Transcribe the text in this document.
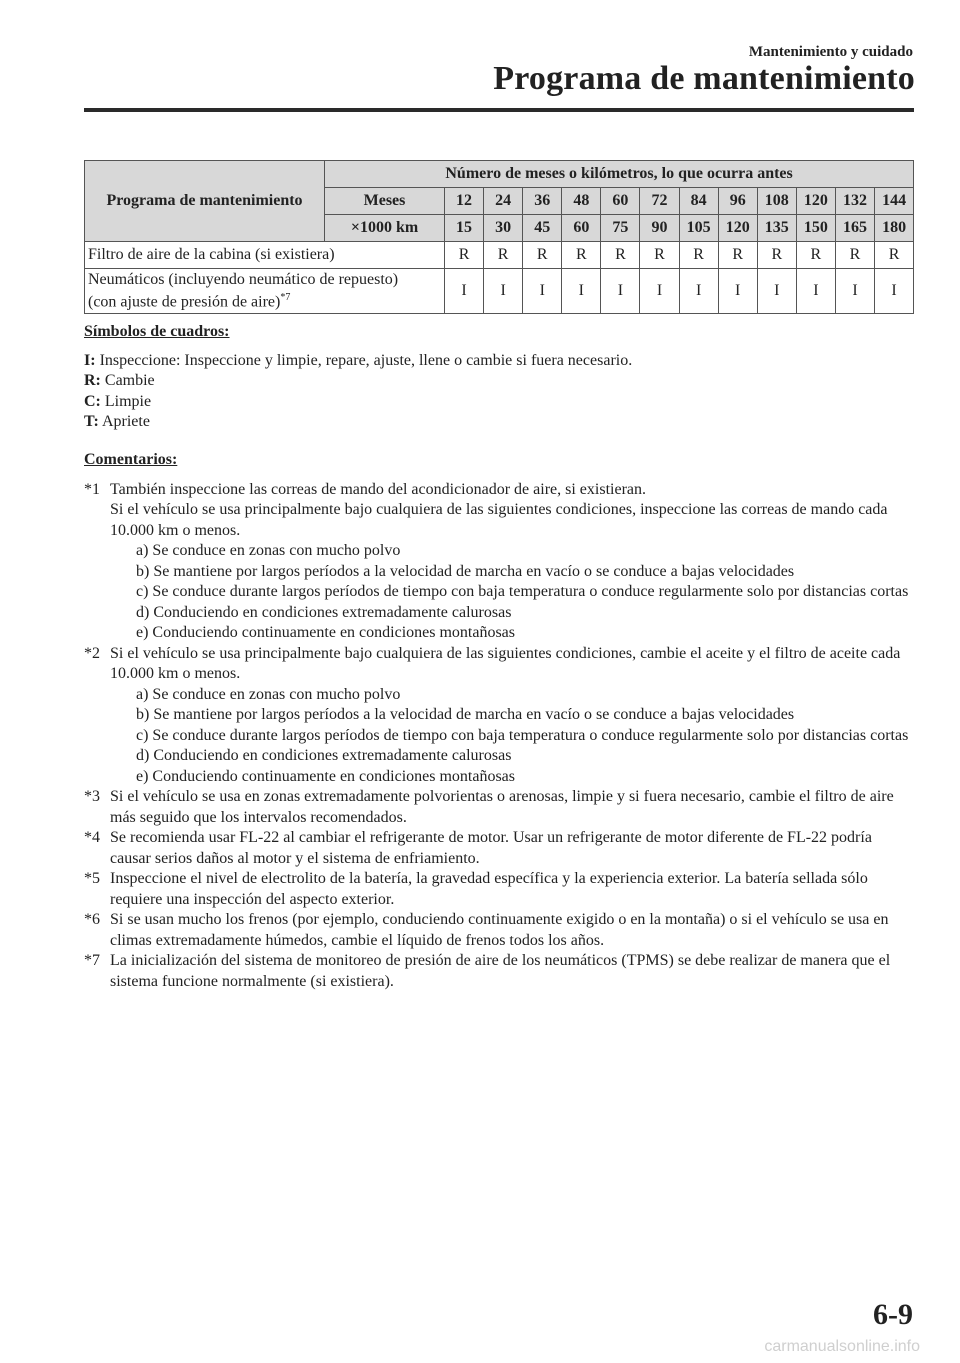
Mantenimiento y cuidado
Programa de mantenimiento
Programa de mantenimiento	Número de meses o kilómetros, lo que ocurra antes												
	Meses	12	24	36	48	60	72	84	96	108	120	132	144
	×1000 km	15	30	45	60	75	90	105	120	135	150	165	180
Filtro de aire de la cabina (si existiera)		R	R	R	R	R	R	R	R	R	R	R	R
Neumáticos (incluyendo neumático de repuesto)
(con ajuste de presión de aire)$^{*7}$		I	I	I	I	I	I	I	I	I	I	I	I
Símbolos de cuadros:
I: Inspeccione: Inspeccione y limpie, repare, ajuste, llene o cambie si fuera necesario.
R: Cambie
C: Limpie
T: Apriete
Comentarios:
*1 También inspeccione las correas de mando del acondicionador de aire, si existieran.
Si el vehículo se usa principalmente bajo cualquiera de las siguientes condiciones, inspeccione las correas de mando cada 10.000 km o menos.
a) Se conduce en zonas con mucho polvo
b) Se mantiene por largos períodos a la velocidad de marcha en vacío o se conduce a bajas velocidades
c) Se conduce durante largos períodos de tiempo con baja temperatura o conduce regularmente solo por distancias cortas
d) Conduciendo en condiciones extremadamente calurosas
e) Conduciendo continuamente en condiciones montañosas
*2 Si el vehículo se usa principalmente bajo cualquiera de las siguientes condiciones, cambie el aceite y el filtro de aceite cada 10.000 km o menos.
a) Se conduce en zonas con mucho polvo
b) Se mantiene por largos períodos a la velocidad de marcha en vacío o se conduce a bajas velocidades
c) Se conduce durante largos períodos de tiempo con baja temperatura o conduce regularmente solo por distancias cortas
d) Conduciendo en condiciones extremadamente calurosas
e) Conduciendo continuamente en condiciones montañosas
*3 Si el vehículo se usa en zonas extremadamente polvorientas o arenosas, limpie y si fuera necesario, cambie el filtro de aire más seguido que los intervalos recomendados.
*4 Se recomienda usar FL-22 al cambiar el refrigerante de motor. Usar un refrigerante de motor diferente de FL-22 podría causar serios daños al motor y el sistema de enfriamiento.
*5 Inspeccione el nivel de electrolito de la batería, la gravedad específica y la experiencia exterior. La batería sellada sólo requiere una inspección del aspecto exterior.
*6 Si se usan mucho los frenos (por ejemplo, conduciendo continuamente exigido o en la montaña) o si el vehículo se usa en climas extremadamente húmedos, cambie el líquido de frenos todos los años.
*7 La inicialización del sistema de monitoreo de presión de aire de los neumáticos (TPMS) se debe realizar de manera que el sistema funcione normalmente (si existiera).
6-9
carmanualsonline.info
